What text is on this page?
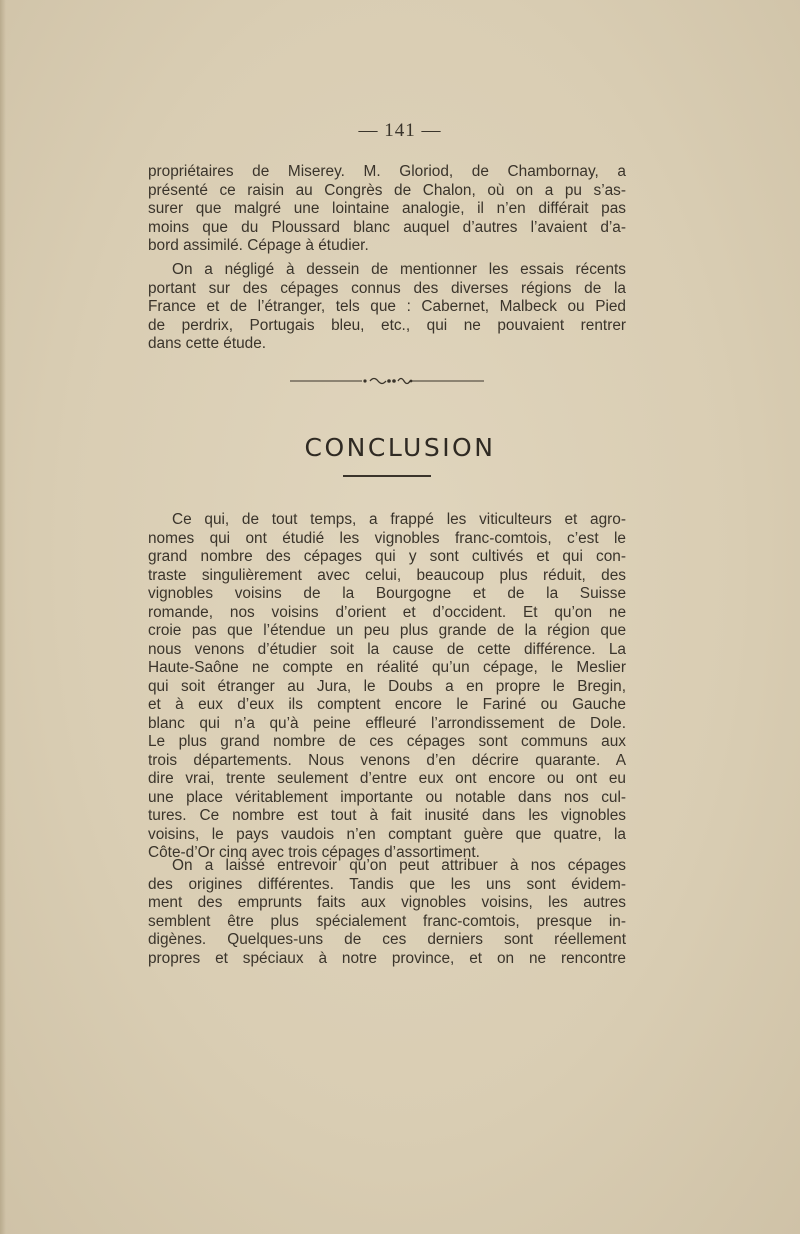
— 141 —
propriétaires de Miserey. M. Gloriod, de Chambornay, a
présenté ce raisin au Congrès de Chalon, où on a pu s’as-
surer que malgré une lointaine analogie, il n’en différait pas
moins que du Ploussard blanc auquel d’autres l’avaient d’a-
bord assimilé. Cépage à étudier.
On a négligé à dessein de mentionner les essais récents
portant sur des cépages connus des diverses régions de la
France et de l’étranger, tels que : Cabernet, Malbeck ou Pied
de perdrix, Portugais bleu, etc., qui ne pouvaient rentrer
dans cette étude.
CONCLUSION
Ce qui, de tout temps, a frappé les viticulteurs et agro-
nomes qui ont étudié les vignobles franc-comtois, c’est le
grand nombre des cépages qui y sont cultivés et qui con-
traste singulièrement avec celui, beaucoup plus réduit, des
vignobles voisins de la Bourgogne et de la Suisse
romande, nos voisins d’orient et d’occident. Et qu’on ne
croie pas que l’étendue un peu plus grande de la région que
nous venons d’étudier soit la cause de cette différence. La
Haute-Saône ne compte en réalité qu’un cépage, le Meslier
qui soit étranger au Jura, le Doubs a en propre le Bregin,
et à eux d’eux ils comptent encore le Fariné ou Gauche
blanc qui n’a qu’à peine effleuré l’arrondissement de Dole.
Le plus grand nombre de ces cépages sont communs aux
trois départements. Nous venons d’en décrire quarante. A
dire vrai, trente seulement d’entre eux ont encore ou ont eu
une place véritablement importante ou notable dans nos cul-
tures. Ce nombre est tout à fait inusité dans les vignobles
voisins, le pays vaudois n’en comptant guère que quatre, la
Côte-d’Or cinq avec trois cépages d’assortiment.
On a laissé entrevoir qu’on peut attribuer à nos cépages
des origines différentes. Tandis que les uns sont évidem-
ment des emprunts faits aux vignobles voisins, les autres
semblent être plus spécialement franc-comtois, presque in-
digènes. Quelques-uns de ces derniers sont réellement
propres et spéciaux à notre province, et on ne rencontre
